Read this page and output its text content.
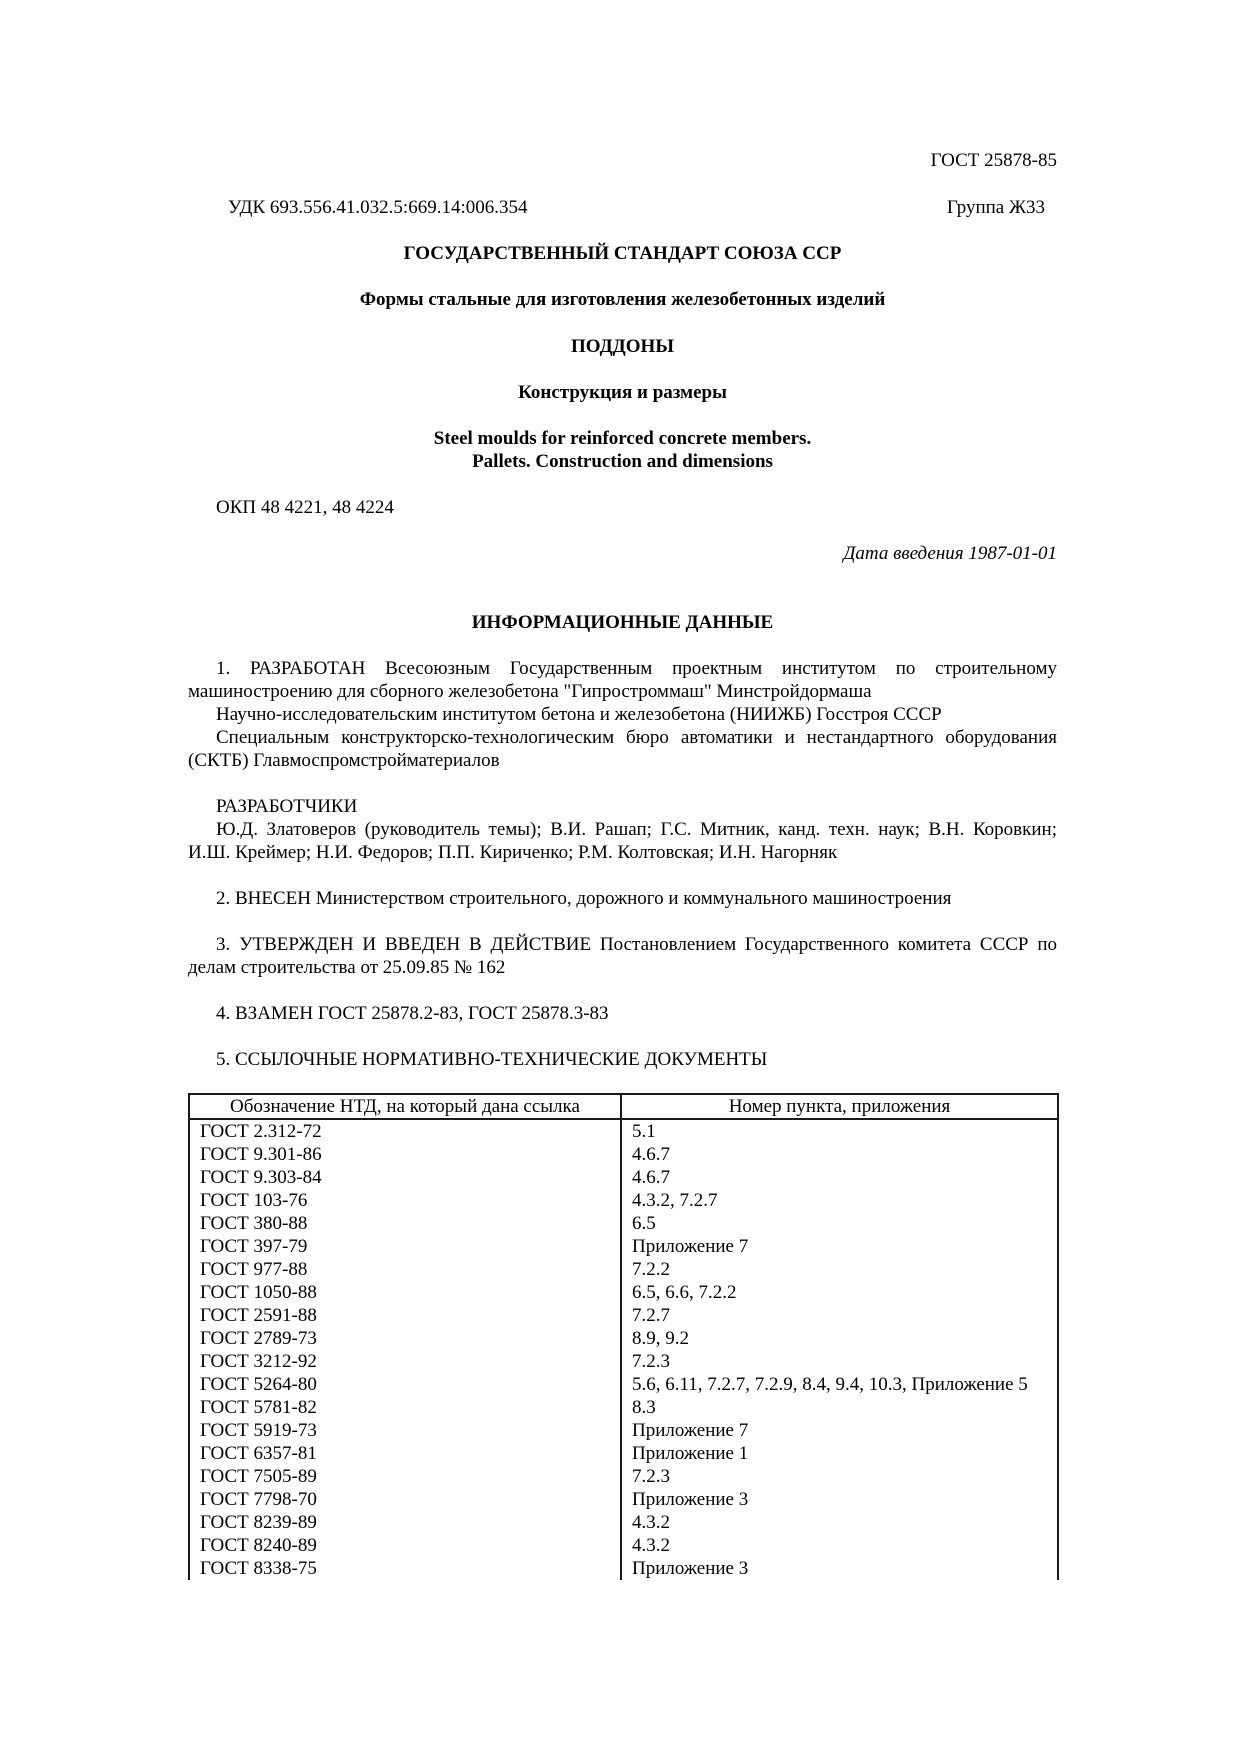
ГОСТ 25878-85
УДК 693.556.41.032.5:669.14:006.354	Группа Ж33
ГОСУДАРСТВЕННЫЙ СТАНДАРТ СОЮЗА ССР
Формы стальные для изготовления железобетонных изделий
ПОДДОНЫ
Конструкция и размеры
Steel moulds for reinforced concrete members.
Pallets. Construction and dimensions
ОКП 48 4221, 48 4224
Дата введения 1987-01-01
ИНФОРМАЦИОННЫЕ ДАННЫЕ

1. РАЗРАБОТАН Всесоюзным Государственным проектным институтом по строительному машиностроению для сборного железобетона "Гипростроммаш" Минстройдормаша

Научно-исследовательским институтом бетона и железобетона (НИИЖБ) Госстроя СССР

Специальным конструкторско-технологическим бюро автоматики и нестандартного оборудования (СКТБ) Главмоспромстройматериалов

РАЗРАБОТЧИКИ

Ю.Д. Златоверов (руководитель темы); В.И. Рашап; Г.С. Митник, канд. техн. наук; В.Н. Коровкин; И.Ш. Креймер; Н.И. Федоров; П.П. Кириченко; Р.М. Колтовская; И.Н. Нагорняк

2. ВНЕСЕН Министерством строительного, дорожного и коммунального машиностроения

3. УТВЕРЖДЕН И ВВЕДЕН В ДЕЙСТВИЕ Постановлением Государственного комитета СССР по делам строительства от 25.09.85 № 162

4. ВЗАМЕН ГОСТ 25878.2-83, ГОСТ 25878.3-83

5. ССЫЛОЧНЫЕ НОРМАТИВНО-ТЕХНИЧЕСКИЕ ДОКУМЕНТЫ

Обозначение НТД, на который дана ссылка	Номер пункта, приложения
ГОСТ 2.312-72	5.1
ГОСТ 9.301-86	4.6.7
ГОСТ 9.303-84	4.6.7
ГОСТ 103-76	4.3.2, 7.2.7
ГОСТ 380-88	6.5
ГОСТ 397-79	Приложение 7
ГОСТ 977-88	7.2.2
ГОСТ 1050-88	6.5, 6.6, 7.2.2
ГОСТ 2591-88	7.2.7
ГОСТ 2789-73	8.9, 9.2
ГОСТ 3212-92	7.2.3
ГОСТ 5264-80	5.6, 6.11, 7.2.7, 7.2.9, 8.4, 9.4, 10.3, Приложение 5
ГОСТ 5781-82	8.3
ГОСТ 5919-73	Приложение 7
ГОСТ 6357-81	Приложение 1
ГОСТ 7505-89	7.2.3
ГОСТ 7798-70	Приложение 3
ГОСТ 8239-89	4.3.2
ГОСТ 8240-89	4.3.2
ГОСТ 8338-75	Приложение 3
